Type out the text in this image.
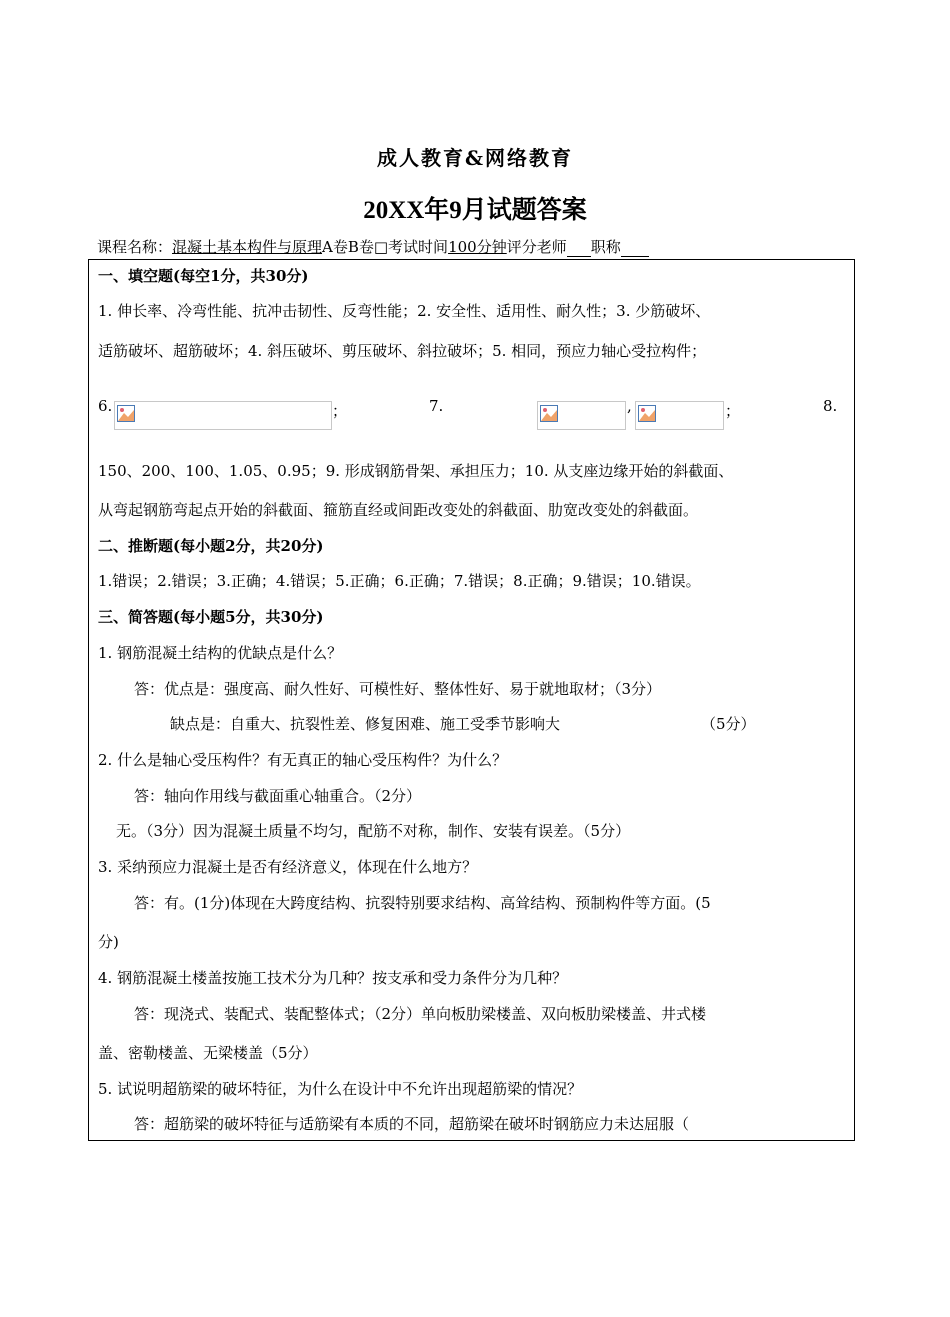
成人教育&网络教育
20XX年9月试题答案
课程名称：混凝土基本构件与原理A卷B卷□考试时间100分钟评分老师 职称
一、填空题(每空1分，共30分)
1. 伸长率、冷弯性能、抗冲击韧性、反弯性能；2. 安全性、适用性、耐久性；3. 少筋破坏、
适筋破坏、超筋破坏；4. 斜压破坏、剪压破坏、斜拉破坏；5. 相同，预应力轴心受拉构件；
6.	；	7.	,	；	8.
150、200、100、1.05、0.95；9. 形成钢筋骨架、承担压力；10. 从支座边缘开始的斜截面、
从弯起钢筋弯起点开始的斜截面、箍筋直经或间距改变处的斜截面、肋宽改变处的斜截面。
二、推断题(每小题2分，共20分)
1.错误；2.错误；3.正确；4.错误；5.正确；6.正确；7.错误；8.正确；9.错误；10.错误。
三、简答题(每小题5分，共30分)
1. 钢筋混凝土结构的优缺点是什么？
答：优点是：强度高、耐久性好、可模性好、整体性好、易于就地取材；（3分）
缺点是：自重大、抗裂性差、修复困难、施工受季节影响大	（5分）
2. 什么是轴心受压构件？有无真正的轴心受压构件？为什么？
答：轴向作用线与截面重心轴重合。（2分）
无。（3分）因为混凝土质量不均匀，配筋不对称，制作、安装有误差。（5分）
3. 采纳预应力混凝土是否有经济意义，体现在什么地方？
答：有。(1分)体现在大跨度结构、抗裂特别要求结构、高耸结构、预制构件等方面。(5
分)
4. 钢筋混凝土楼盖按施工技术分为几种？按支承和受力条件分为几种？
答：现浇式、装配式、装配整体式；（2分）单向板肋梁楼盖、双向板肋梁楼盖、井式楼
盖、密勒楼盖、无梁楼盖（5分）
5. 试说明超筋梁的破坏特征，为什么在设计中不允许出现超筋梁的情况？
答：超筋梁的破坏特征与适筋梁有本质的不同，超筋梁在破坏时钢筋应力未达屈服（
